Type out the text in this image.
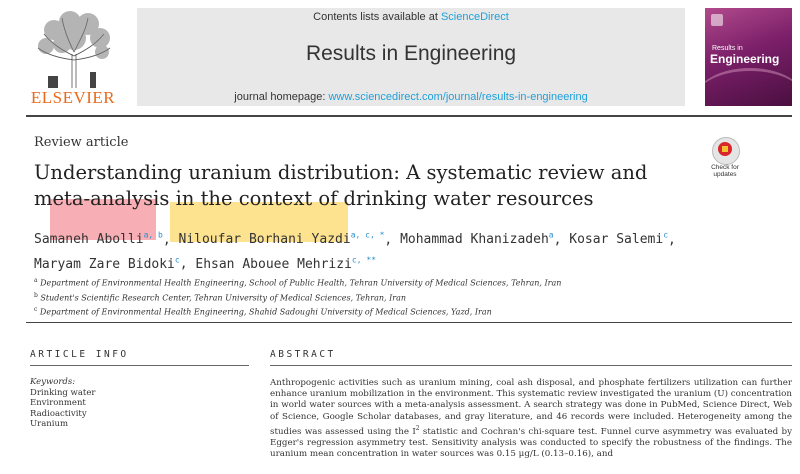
ELSEVIER
Contents lists available at ScienceDirect
Results in Engineering
journal homepage: www.sciencedirect.com/journal/results-in-engineering
Results in
Engineering
Review article
Check for
updates
Understanding uranium distribution: A systematic review and
meta-analysis in the context of drinking water resources
Samaneh Abolli$^{a, b}$, Niloufar Borhani Yazdi$^{a, c, *}$, Mohammad Khanizadeh$^a$, Kosar Salemi$^c$,
Maryam Zare Bidoki$^c$, Ehsan Abouee Mehrizi$^{c, **}$
$^a$ Department of Environmental Health Engineering, School of Public Health, Tehran University of Medical Sciences, Tehran, Iran
$^b$ Student's Scientific Research Center, Tehran University of Medical Sciences, Tehran, Iran
$^c$ Department of Environmental Health Engineering, Shahid Sadoughi University of Medical Sciences, Yazd, Iran
ARTICLE INFO	ABSTRACT
Keywords:
Drinking water
Environment
Radioactivity
Uranium
Anthropogenic activities such as uranium mining, coal ash disposal, and phosphate fertilizers utilization can further enhance uranium mobilization in the environment. This systematic review investigated the uranium (U) concentration in world water sources with a meta-analysis assessment. A search strategy was done in PubMed, Science Direct, Web of Science, Google Scholar databases, and gray literature, and 46 records were included. Heterogeneity among the studies was assessed using the $I^2$ statistic and Cochran's chi-square test. Funnel curve asymmetry was evaluated by Egger's regression asymmetry test. Sensitivity analysis was conducted to specify the robustness of the findings. The uranium mean concentration in water sources was 0.15 μg/L (0.13–0.16), and
